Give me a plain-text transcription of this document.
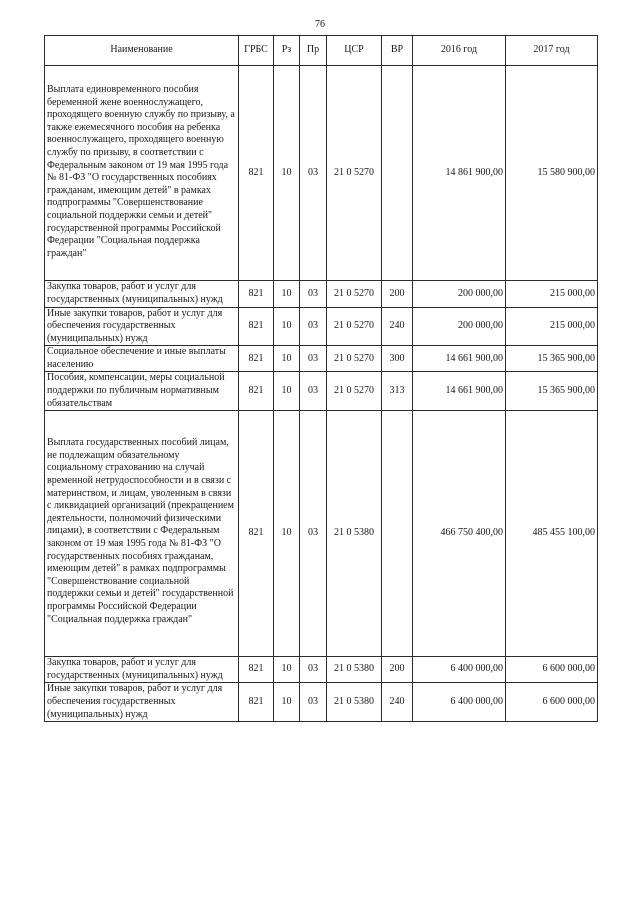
76
Наименование	ГРБС	Рз	Пр	ЦСР	ВР	2016 год	2017 год
Выплата единовременного пособия беременной жене военнослужащего, проходящего военную службу по призыву, а также ежемесячного пособия на ребенка военнослужащего, проходящего военную службу по призыву, в соответствии с Федеральным законом от 19 мая 1995 года № 81-ФЗ "О государственных пособиях гражданам, имеющим детей" в рамках подпрограммы "Совершенствование социальной поддержки семьи и детей" государственной программы Российской Федерации "Социальная поддержка граждан"	821	10	03	21 0 5270		14 861 900,00	15 580 900,00
Закупка товаров, работ и услуг для государственных (муниципальных) нужд	821	10	03	21 0 5270	200	200 000,00	215 000,00
Иные закупки товаров, работ и услуг для обеспечения государственных (муниципальных) нужд	821	10	03	21 0 5270	240	200 000,00	215 000,00
Социальное обеспечение и иные выплаты населению	821	10	03	21 0 5270	300	14 661 900,00	15 365 900,00
Пособия, компенсации, меры социальной поддержки по публичным нормативным обязательствам	821	10	03	21 0 5270	313	14 661 900,00	15 365 900,00
Выплата государственных пособий лицам, не подлежащим обязательному социальному страхованию на случай временной нетрудоспособности и в связи с материнством, и лицам, уволенным в связи с ликвидацией организаций (прекращением деятельности, полномочий физическими лицами), в соответствии с Федеральным законом от 19 мая 1995 года № 81-ФЗ "О государственных пособиях гражданам, имеющим детей" в рамках подпрограммы "Совершенствование социальной поддержки семьи и детей" государственной программы Российской Федерации "Социальная поддержка граждан"	821	10	03	21 0 5380		466 750 400,00	485 455 100,00
Закупка товаров, работ и услуг для государственных (муниципальных) нужд	821	10	03	21 0 5380	200	6 400 000,00	6 600 000,00
Иные закупки товаров, работ и услуг для обеспечения государственных (муниципальных) нужд	821	10	03	21 0 5380	240	6 400 000,00	6 600 000,00
